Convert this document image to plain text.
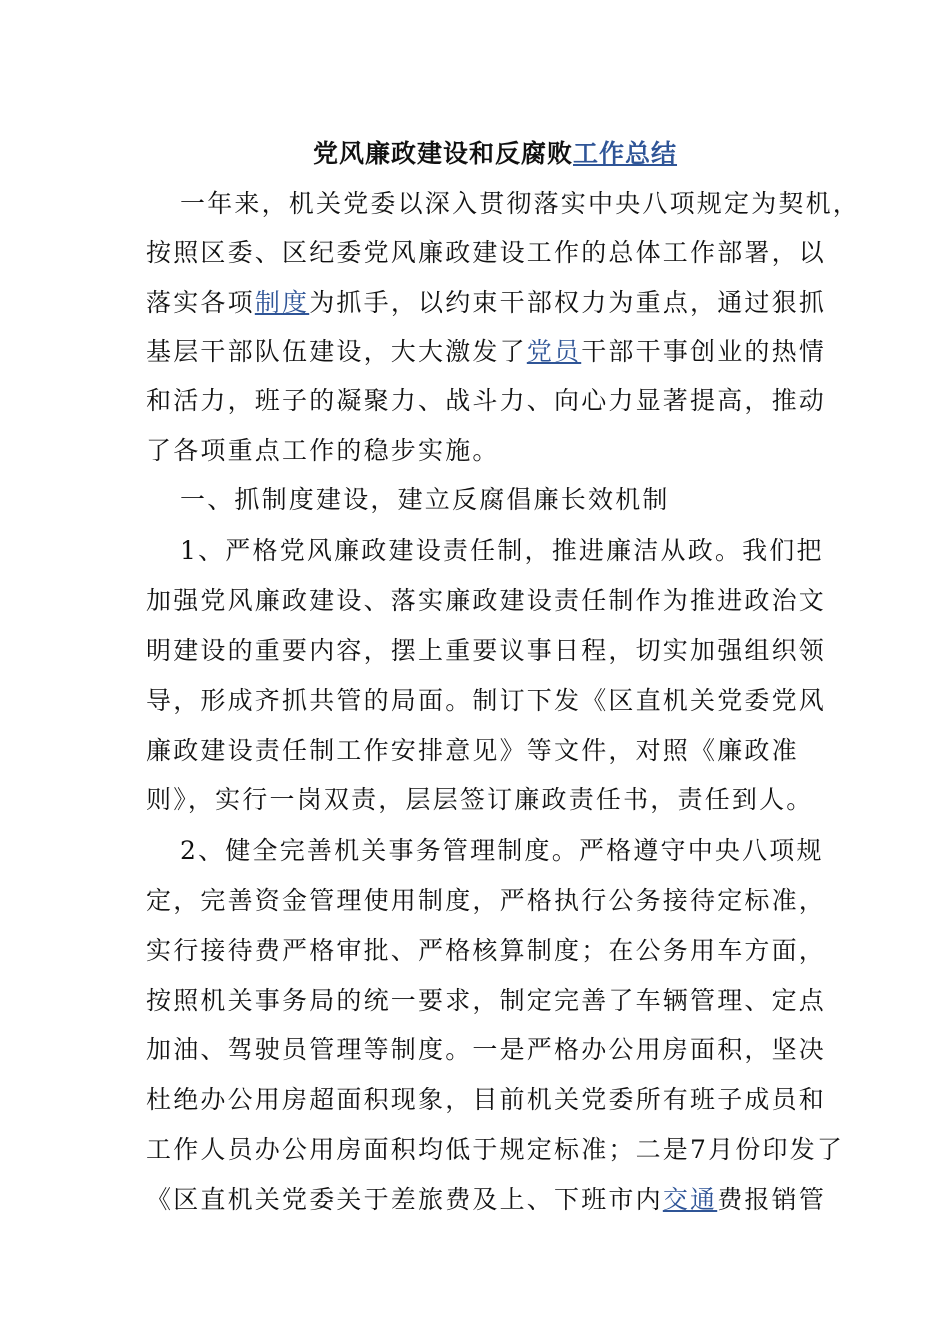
党风廉政建设和反腐败工作总结

一年来，机关党委以深入贯彻落实中央八项规定为契机，

按照区委、区纪委党风廉政建设工作的总体工作部署，以

落实各项制度为抓手，以约束干部权力为重点，通过狠抓

基层干部队伍建设，大大激发了党员干部干事创业的热情

和活力，班子的凝聚力、战斗力、向心力显著提高，推动

了各项重点工作的稳步实施。

一、抓制度建设，建立反腐倡廉长效机制

1、严格党风廉政建设责任制，推进廉洁从政。我们把

加强党风廉政建设、落实廉政建设责任制作为推进政治文

明建设的重要内容，摆上重要议事日程，切实加强组织领

导，形成齐抓共管的局面。制订下发《区直机关党委党风

廉政建设责任制工作安排意见》等文件，对照《廉政准

则》，实行一岗双责，层层签订廉政责任书，责任到人。

2、健全完善机关事务管理制度。严格遵守中央八项规

定，完善资金管理使用制度，严格执行公务接待定标准，

实行接待费严格审批、严格核算制度；在公务用车方面，

按照机关事务局的统一要求，制定完善了车辆管理、定点

加油、驾驶员管理等制度。一是严格办公用房面积，坚决

杜绝办公用房超面积现象，目前机关党委所有班子成员和

工作人员办公用房面积均低于规定标准；二是7月份印发了

《区直机关党委关于差旅费及上、下班市内交通费报销管
